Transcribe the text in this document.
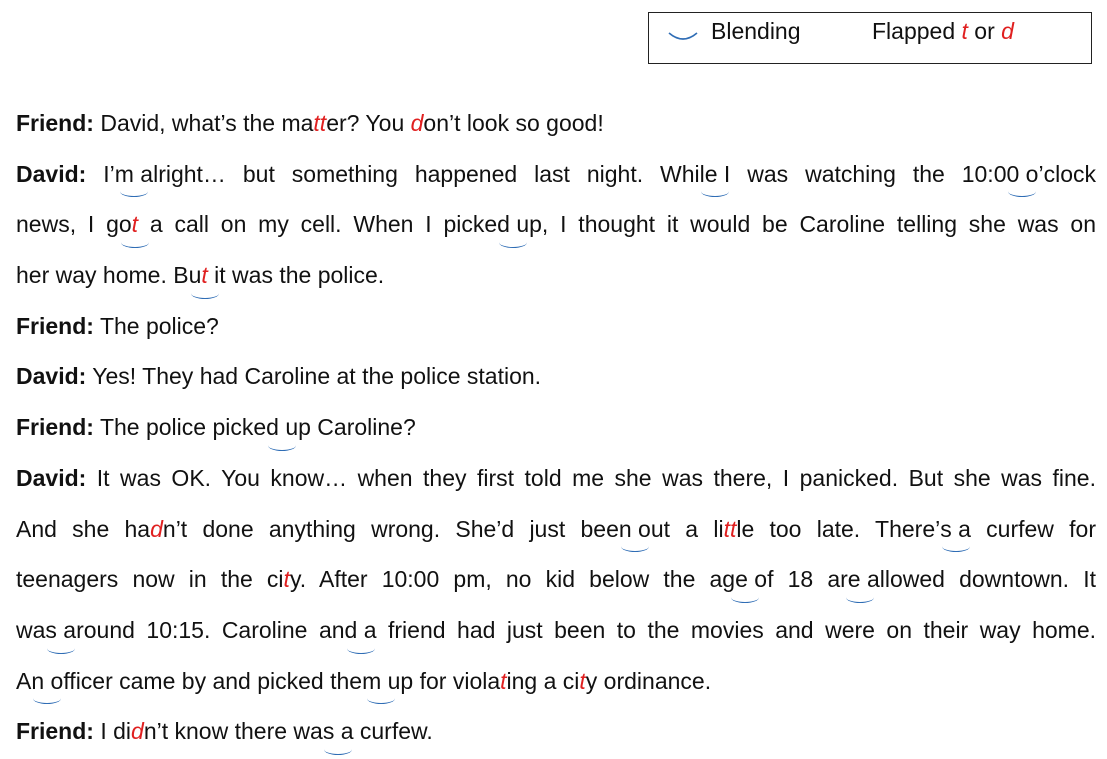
Blending	Flapped t or d
Friend: David, what’s the matter? You don’t look so good!
David: I’m alright… but something happened last night. While I was watching the 10:00 o’clock
news, I got a call on my cell. When I picked up, I thought it would be Caroline telling she was on
her way home. But it was the police.
Friend: The police?
David: Yes! They had Caroline at the police station.
Friend: The police picked up Caroline?
David: It was OK. You know… when they first told me she was there, I panicked. But she was fine.
And she hadn’t done anything wrong. She’d just been out a little too late. There’s a curfew for
teenagers now in the city. After 10:00 pm, no kid below the age of 18 are allowed downtown. It
was around 10:15. Caroline and a friend had just been to the movies and were on their way home.
An officer came by and picked them up for violating a city ordinance.
Friend: I didn’t know there was a curfew.
